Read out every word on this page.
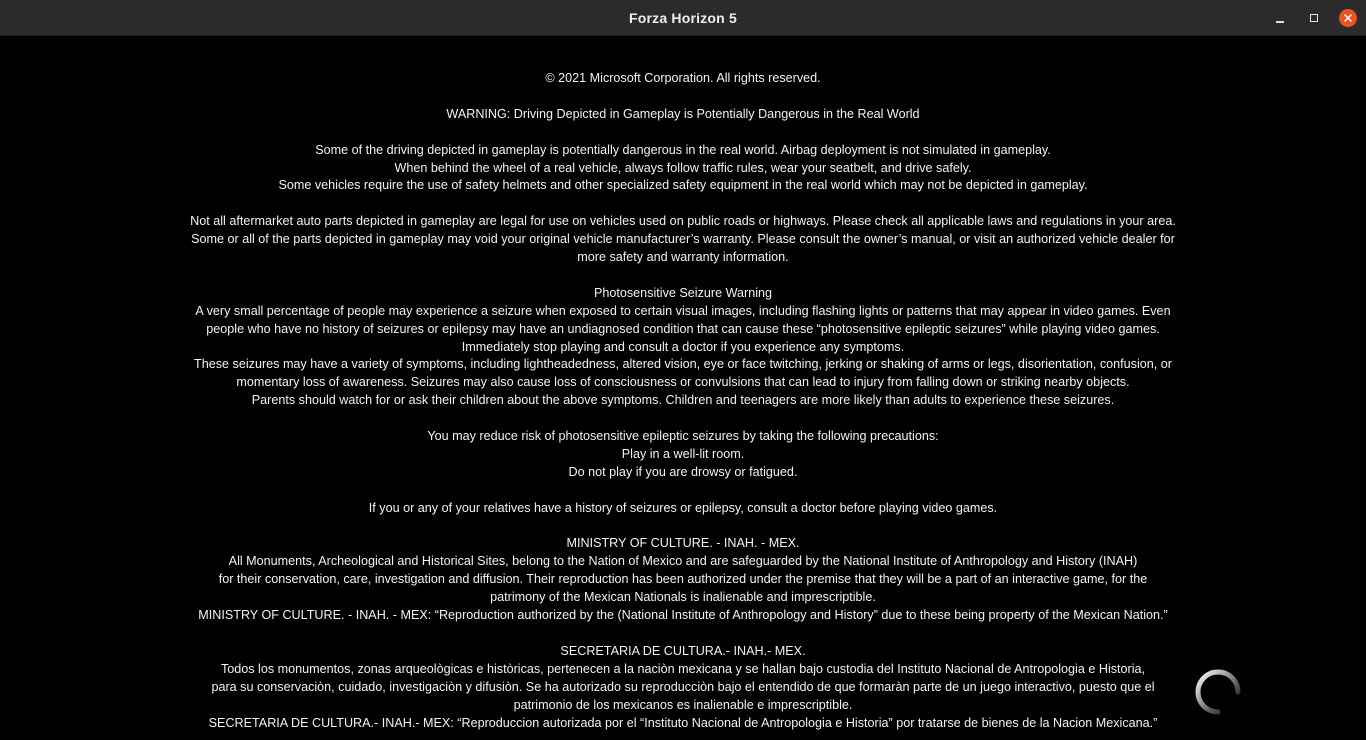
Forza Horizon 5
© 2021 Microsoft Corporation. All rights reserved.
WARNING: Driving Depicted in Gameplay is Potentially Dangerous in the Real World
Some of the driving depicted in gameplay is potentially dangerous in the real world. Airbag deployment is not simulated in gameplay.
When behind the wheel of a real vehicle, always follow traffic rules, wear your seatbelt, and drive safely.
Some vehicles require the use of safety helmets and other specialized safety equipment in the real world which may not be depicted in gameplay.
Not all aftermarket auto parts depicted in gameplay are legal for use on vehicles used on public roads or highways. Please check all applicable laws and regulations in your area.
Some or all of the parts depicted in gameplay may void your original vehicle manufacturer’s warranty. Please consult the owner’s manual, or visit an authorized vehicle dealer for
more safety and warranty information.
Photosensitive Seizure Warning
A very small percentage of people may experience a seizure when exposed to certain visual images, including flashing lights or patterns that may appear in video games. Even
people who have no history of seizures or epilepsy may have an undiagnosed condition that can cause these “photosensitive epileptic seizures” while playing video games.
Immediately stop playing and consult a doctor if you experience any symptoms.
These seizures may have a variety of symptoms, including lightheadedness, altered vision, eye or face twitching, jerking or shaking of arms or legs, disorientation, confusion, or
momentary loss of awareness. Seizures may also cause loss of consciousness or convulsions that can lead to injury from falling down or striking nearby objects.
Parents should watch for or ask their children about the above symptoms. Children and teenagers are more likely than adults to experience these seizures.
You may reduce risk of photosensitive epileptic seizures by taking the following precautions:
Play in a well-lit room.
Do not play if you are drowsy or fatigued.
If you or any of your relatives have a history of seizures or epilepsy, consult a doctor before playing video games.
MINISTRY OF CULTURE. - INAH. - MEX.
All Monuments, Archeological and Historical Sites, belong to the Nation of Mexico and are safeguarded by the National Institute of Anthropology and History (INAH)
for their conservation, care, investigation and diffusion. Their reproduction has been authorized under the premise that they will be a part of an interactive game, for the
patrimony of the Mexican Nationals is inalienable and imprescriptible.
MINISTRY OF CULTURE. - INAH. - MEX: “Reproduction authorized by the (National Institute of Anthropology and History” due to these being property of the Mexican Nation.”
SECRETARIA DE CULTURA.- INAH.- MEX.
Todos los monumentos, zonas arqueològicas e històricas, pertenecen a la naciòn mexicana y se hallan bajo custodia del Instituto Nacional de Antropologia e Historia,
para su conservaciòn, cuidado, investigaciòn y difusiòn. Se ha autorizado su reproducciòn bajo el entendido de que formaràn parte de un juego interactivo, puesto que el
patrimonio de los mexicanos es inalienable e imprescriptible.
SECRETARIA DE CULTURA.- INAH.- MEX: “Reproduccion autorizada por el “Instituto Nacional de Antropologia e Historia” por tratarse de bienes de la Nacion Mexicana.”
